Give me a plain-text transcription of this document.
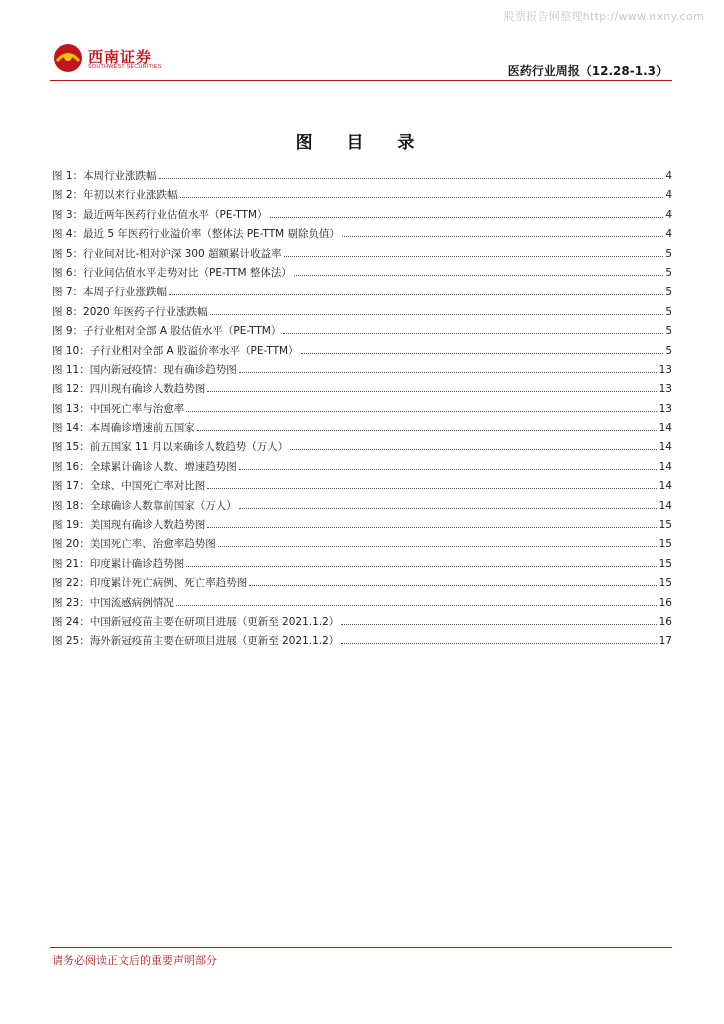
股票报告网整理http://www.nxny.com
西南证券
SOUTHWEST SECURITIES	医药行业周报（12.28-1.3）
图 目 录
图 1：本周行业涨跌幅	4
图 2：年初以来行业涨跌幅	4
图 3：最近两年医药行业估值水平（PE-TTM）	4
图 4：最近 5 年医药行业溢价率（整体法 PE-TTM 剔除负值）	4
图 5：行业间对比-相对沪深 300 超额累计收益率	5
图 6：行业间估值水平走势对比（PE-TTM 整体法）	5
图 7：本周子行业涨跌幅	5
图 8：2020 年医药子行业涨跌幅	5
图 9：子行业相对全部 A 股估值水平（PE-TTM）	5
图 10：子行业相对全部 A 股溢价率水平（PE-TTM）	5
图 11：国内新冠疫情：现有确诊趋势图	13
图 12：四川现有确诊人数趋势图	13
图 13：中国死亡率与治愈率	13
图 14：本周确诊增速前五国家	14
图 15：前五国家 11 月以来确诊人数趋势（万人）	14
图 16：全球累计确诊人数、增速趋势图	14
图 17：全球、中国死亡率对比图	14
图 18：全球确诊人数靠前国家（万人）	14
图 19：美国现有确诊人数趋势图	15
图 20：美国死亡率、治愈率趋势图	15
图 21：印度累计确诊趋势图	15
图 22：印度累计死亡病例、死亡率趋势图	15
图 23：中国流感病例情况	16
图 24：中国新冠疫苗主要在研项目进展（更新至 2021.1.2）	16
图 25：海外新冠疫苗主要在研项目进展（更新至 2021.1.2）	17
请务必阅读正文后的重要声明部分
